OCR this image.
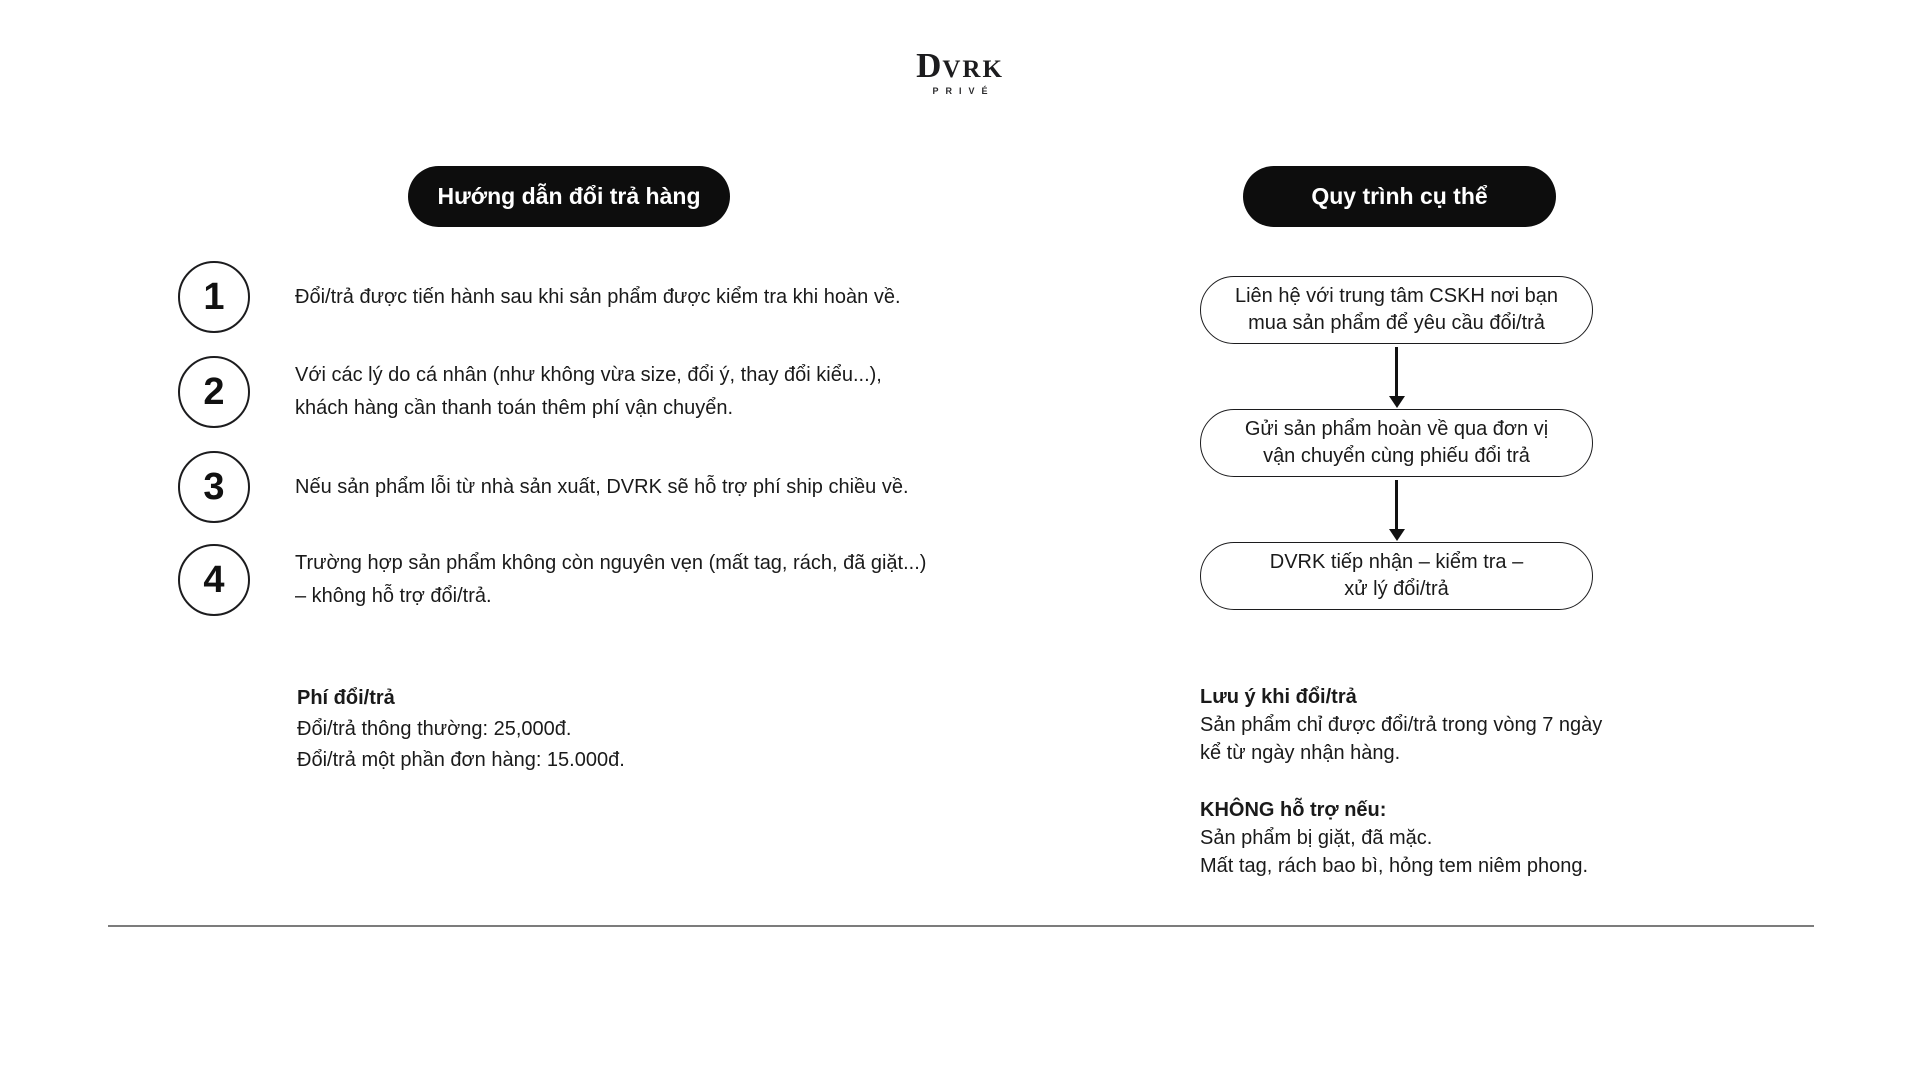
DVRK
PRIVÉ
Hướng dẫn đổi trả hàng	Quy trình cụ thể
1	Đổi/trả được tiến hành sau khi sản phẩm được kiểm tra khi hoàn về.
2	Với các lý do cá nhân (như không vừa size, đổi ý, thay đổi kiểu...),
khách hàng cần thanh toán thêm phí vận chuyển.
3	Nếu sản phẩm lỗi từ nhà sản xuất, DVRK sẽ hỗ trợ phí ship chiều về.
4	Trường hợp sản phẩm không còn nguyên vẹn (mất tag, rách, đã giặt...)
– không hỗ trợ đổi/trả.
Phí đổi/trả
Đổi/trả thông thường: 25,000đ.
Đổi/trả một phần đơn hàng: 15.000đ.
Liên hệ với trung tâm CSKH nơi bạn
mua sản phẩm để yêu cầu đổi/trả
Gửi sản phẩm hoàn về qua đơn vị
vận chuyển cùng phiếu đổi trả
DVRK tiếp nhận – kiểm tra –
xử lý đổi/trả
Lưu ý khi đổi/trả
Sản phẩm chỉ được đổi/trả trong vòng 7 ngày
kể từ ngày nhận hàng.
KHÔNG hỗ trợ nếu:
Sản phẩm bị giặt, đã mặc.
Mất tag, rách bao bì, hỏng tem niêm phong.
